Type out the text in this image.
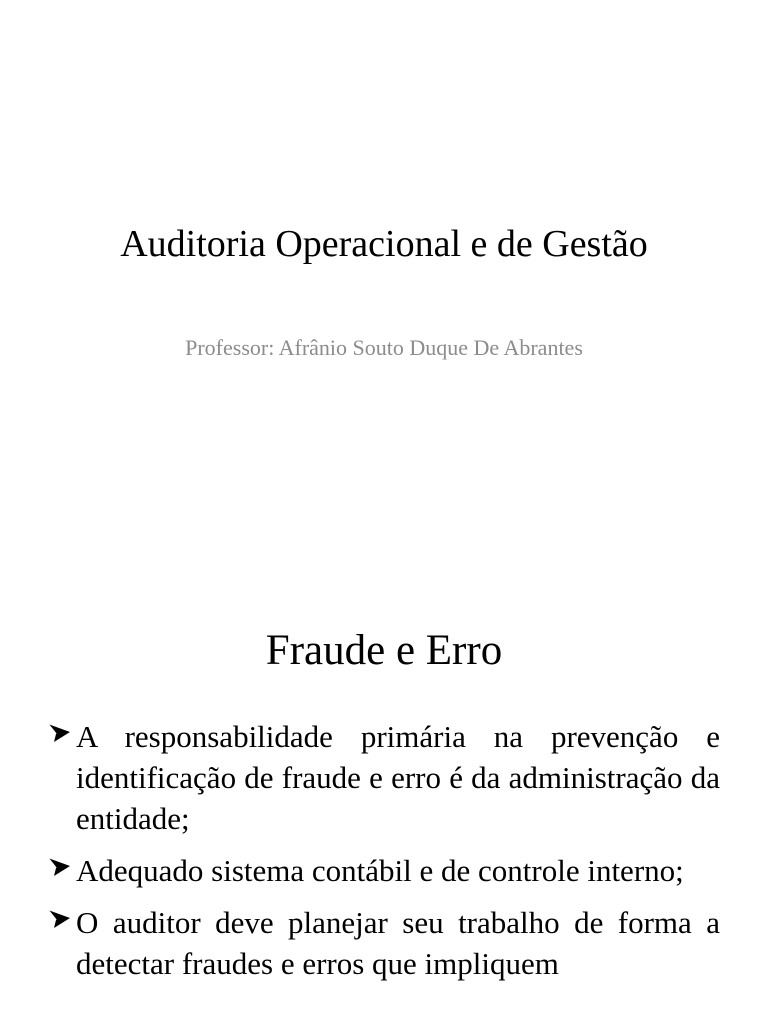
Auditoria Operacional e de Gestão
Professor: Afrânio Souto Duque De Abrantes
Fraude e Erro
A responsabilidade primária na prevenção e identificação de fraude e erro é da administração da entidade;
Adequado sistema contábil e de controle interno;
O auditor deve planejar seu trabalho de forma a detectar fraudes e erros que impliquem
